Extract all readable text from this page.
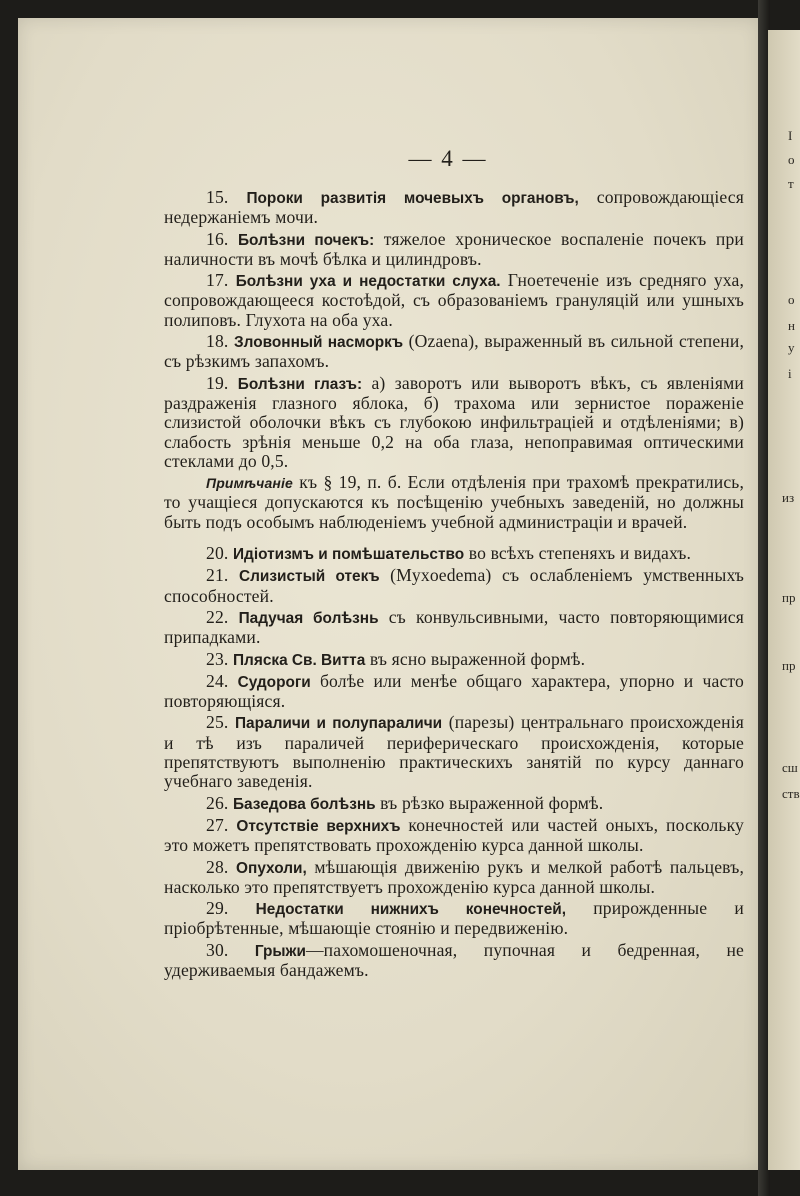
— 4 —

15. Пороки развитія мочевыхъ органовъ, сопровождающіеся недержаніемъ мочи.

16. Болѣзни почекъ: тяжелое хроническое воспаленіе почекъ при наличности въ мочѣ бѣлка и цилиндровъ.

17. Болѣзни уха и недостатки слуха. Гноетеченіе изъ средняго уха, сопровождающееся костоѣдой, съ образованіемъ грануляцій или ушныхъ полиповъ. Глухота на оба уха.

18. Зловонный насморкъ (Ozaena), выраженный въ сильной степени, съ рѣзкимъ запахомъ.

19. Болѣзни глазъ: а) заворотъ или выворотъ вѣкъ, съ явленіями раздраженія глазного яблока, б) трахома или зернистое пораженіе слизистой оболочки вѣкъ съ глубокою инфильтраціей и отдѣленіями; в) слабость зрѣнія меньше 0,2 на оба глаза, непоправимая оптическими стеклами до 0,5.

Примѣчаніе къ § 19, п. б. Если отдѣленія при трахомѣ прекратились, то учащіеся допускаются къ посѣщенію учебныхъ заведеній, но должны быть подъ особымъ наблюденіемъ учебной администраціи и врачей.

20. Идіотизмъ и помѣшательство во всѣхъ степеняхъ и видахъ.

21. Слизистый отекъ (Myxoedema) съ ослабленіемъ умственныхъ способностей.

22. Падучая болѣзнь съ конвульсивными, часто повторяющимися припадками.

23. Пляска Св. Витта въ ясно выраженной формѣ.

24. Судороги болѣе или менѣе общаго характера, упорно и часто повторяющіяся.

25. Параличи и полупараличи (парезы) центральнаго происхожденія и тѣ изъ параличей периферическаго происхожденія, которые препятствуютъ выполненію практическихъ занятій по курсу даннаго учебнаго заведенія.

26. Базедова болѣзнь въ рѣзко выраженной формѣ.

27. Отсутствіе верхнихъ конечностей или частей оныхъ, поскольку это можетъ препятствовать прохожденію курса данной школы.

28. Опухоли, мѣшающія движенію рукъ и мелкой работѣ пальцевъ, насколько это препятствуетъ прохожденію курса данной школы.

29. Недостатки нижнихъ конечностей, прирожденные и пріобрѣтенные, мѣшающіе стоянію и передвиженію.

30. Грыжи—пахомошеночная, пупочная и бедренная, не удерживаемыя бандажемъ.

I
о
т
о
н
у
i
из
пр
пр
сш
ств
